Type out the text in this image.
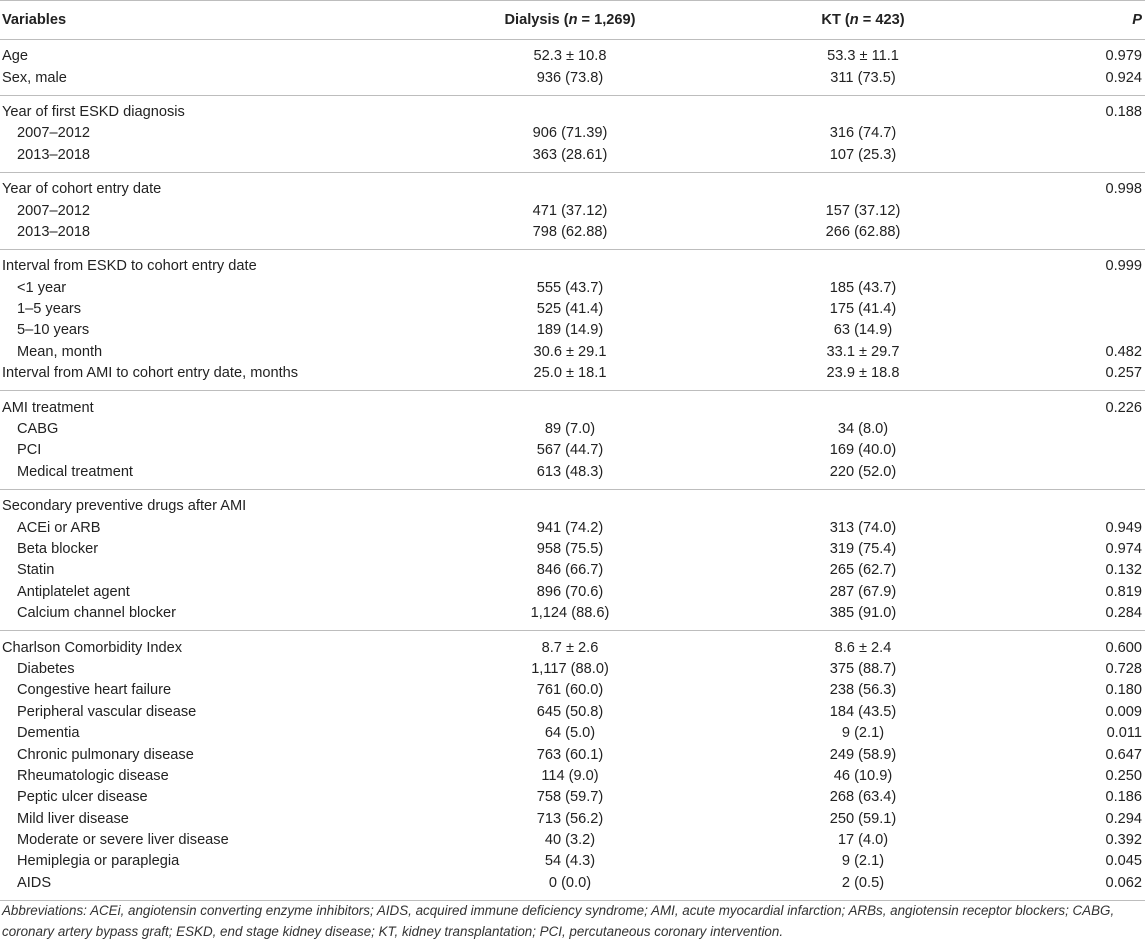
Variables	Dialysis (n = 1,269)	KT (n = 423)	P
Age	52.3 ± 10.8	53.3 ± 11.1	0.979
Sex, male	936 (73.8)	311 (73.5)	0.924
Year of first ESKD diagnosis			0.188
2007–2012	906 (71.39)	316 (74.7)	
2013–2018	363 (28.61)	107 (25.3)	
Year of cohort entry date			0.998
2007–2012	471 (37.12)	157 (37.12)	
2013–2018	798 (62.88)	266 (62.88)	
Interval from ESKD to cohort entry date			0.999
<1 year	555 (43.7)	185 (43.7)	
1–5 years	525 (41.4)	175 (41.4)	
5–10 years	189 (14.9)	63 (14.9)	
Mean, month	30.6 ± 29.1	33.1 ± 29.7	0.482
Interval from AMI to cohort entry date, months	25.0 ± 18.1	23.9 ± 18.8	0.257
AMI treatment			0.226
CABG	89 (7.0)	34 (8.0)	
PCI	567 (44.7)	169 (40.0)	
Medical treatment	613 (48.3)	220 (52.0)	
Secondary preventive drugs after AMI			
ACEi or ARB	941 (74.2)	313 (74.0)	0.949
Beta blocker	958 (75.5)	319 (75.4)	0.974
Statin	846 (66.7)	265 (62.7)	0.132
Antiplatelet agent	896 (70.6)	287 (67.9)	0.819
Calcium channel blocker	1,124 (88.6)	385 (91.0)	0.284
Charlson Comorbidity Index	8.7 ± 2.6	8.6 ± 2.4	0.600
Diabetes	1,117 (88.0)	375 (88.7)	0.728
Congestive heart failure	761 (60.0)	238 (56.3)	0.180
Peripheral vascular disease	645 (50.8)	184 (43.5)	0.009
Dementia	64 (5.0)	9 (2.1)	0.011
Chronic pulmonary disease	763 (60.1)	249 (58.9)	0.647
Rheumatologic disease	114 (9.0)	46 (10.9)	0.250
Peptic ulcer disease	758 (59.7)	268 (63.4)	0.186
Mild liver disease	713 (56.2)	250 (59.1)	0.294
Moderate or severe liver disease	40 (3.2)	17 (4.0)	0.392
Hemiplegia or paraplegia	54 (4.3)	9 (2.1)	0.045
AIDS	0 (0.0)	2 (0.5)	0.062
Abbreviations: ACEi, angiotensin converting enzyme inhibitors; AIDS, acquired immune deficiency syndrome; AMI, acute myocardial infarction; ARBs, angiotensin receptor blockers; CABG, coronary artery bypass graft; ESKD, end stage kidney disease; KT, kidney transplantation; PCI, percutaneous coronary intervention.
